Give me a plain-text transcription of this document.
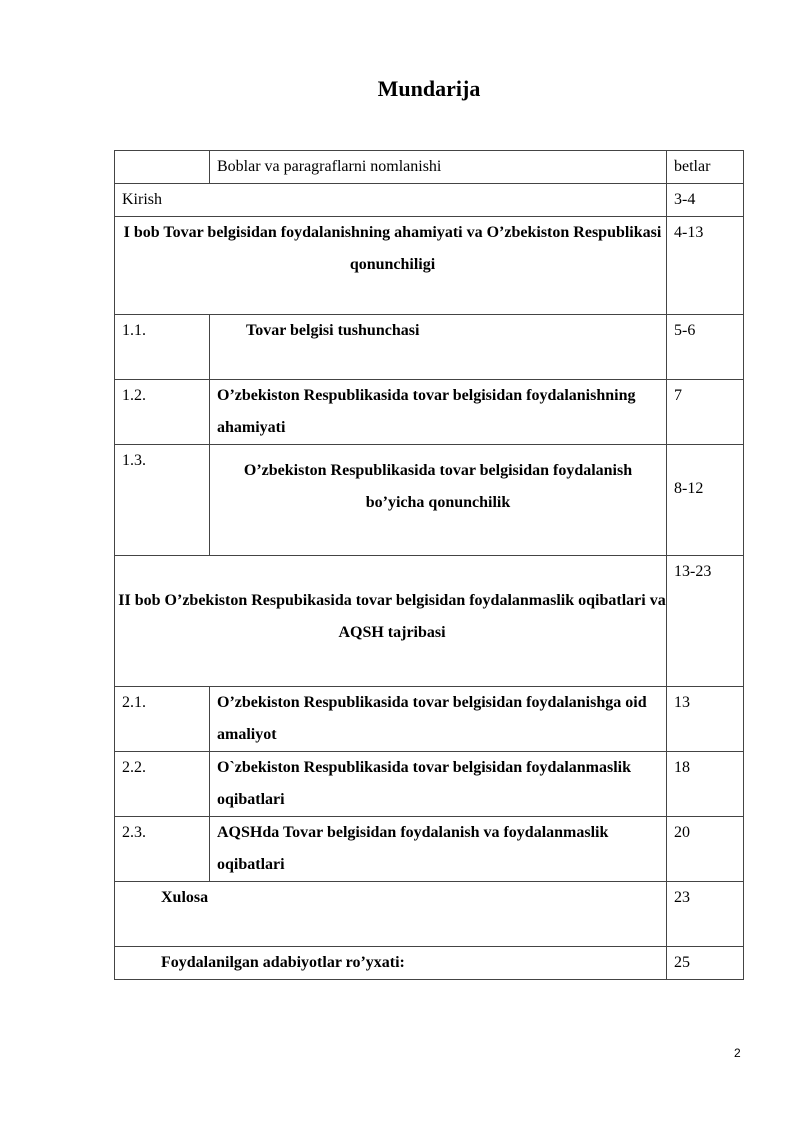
Mundarija
	Boblar va paragraflarni nomlanishi	betlar
Kirish		3-4
I bob Tovar belgisidan foydalanishning ahamiyati va O’zbekiston Respublikasi qonunchiligi		4-13
1.1.	Tovar belgisi tushunchasi	5-6
1.2.	O’zbekiston Respublikasida tovar belgisidan foydalanishning ahamiyati	7
1.3.	O’zbekiston Respublikasida tovar belgisidan foydalanish bo’yicha qonunchilik	8-12
II bob O’zbekiston Respubikasida tovar belgisidan foydalanmaslik oqibatlari va AQSH tajribasi		13-23
2.1.	O’zbekiston Respublikasida tovar belgisidan foydalanishga oid amaliyot	13
2.2.	O`zbekiston Respublikasida tovar belgisidan foydalanmaslik oqibatlari	18
2.3.	AQSHda Tovar belgisidan foydalanish va foydalanmaslik oqibatlari	20
Xulosa		23
Foydalanilgan adabiyotlar ro’yxati:		25
2
